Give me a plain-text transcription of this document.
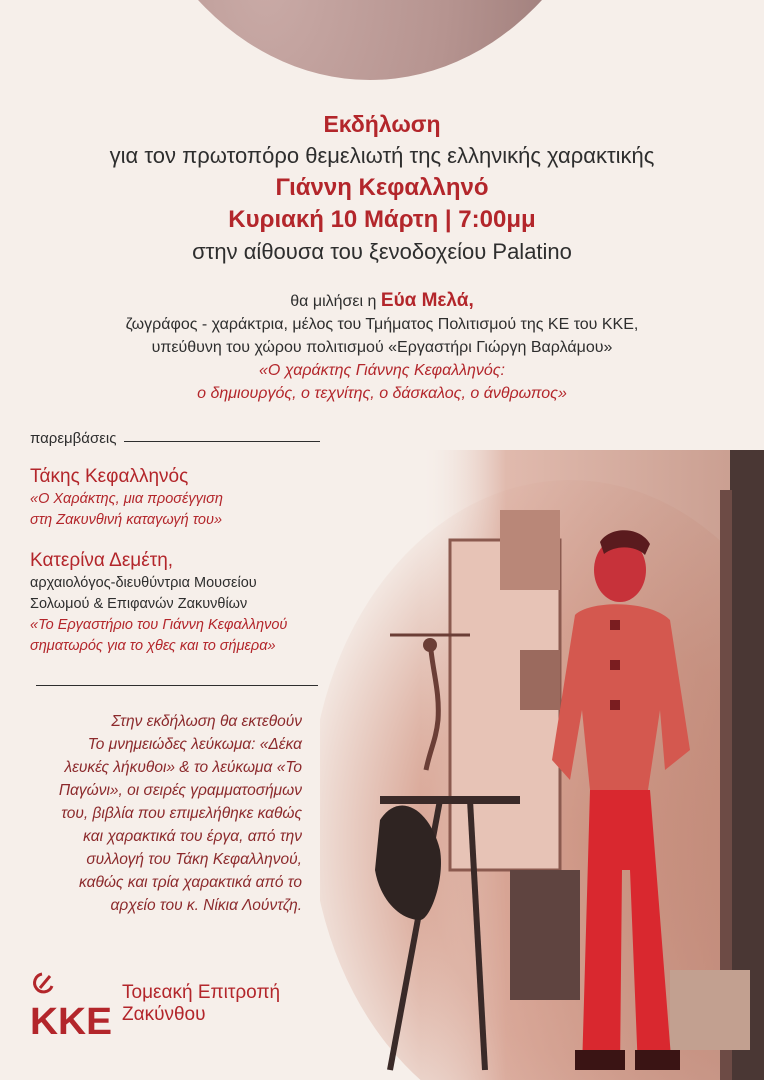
Εκδήλωση
για τον πρωτοπόρο θεμελιωτή της ελληνικής χαρακτικής
Γιάννη Κεφαλληνό
Κυριακή 10 Μάρτη | 7:00μμ
στην αίθουσα του ξενοδοχείου Palatino
θα μιλήσει η Εύα Μελά,
ζωγράφος - χαράκτρια, μέλος του Τμήματος Πολιτισμού της ΚΕ του ΚΚΕ,
υπεύθυνη του χώρου πολιτισμού «Εργαστήρι Γιώργη Βαρλάμου»
«Ο χαράκτης Γιάννης Κεφαλληνός:
ο δημιουργός, ο τεχνίτης, ο δάσκαλος, ο άνθρωπος»
παρεμβάσεις
Τάκης Κεφαλληνός
«Ο Χαράκτης, μια προσέγγιση
στη Ζακυνθινή καταγωγή του»
Κατερίνα Δεμέτη,
αρχαιολόγος-διευθύντρια Μουσείου
Σολωμού & Επιφανών Ζακυνθίων
«Το Εργαστήριο του Γιάννη Κεφαλληνού
σηματωρός για το χθες και το σήμερα»
Στην εκδήλωση θα εκτεθούν
Το μνημειώδες λεύκωμα: «Δέκα
λευκές λήκυθοι» & το λεύκωμα «Το
Παγώνι», οι σειρές γραμματοσήμων
του, βιβλία που επιμελήθηκε καθώς
και χαρακτικά του έργα, από την
συλλογή του Τάκη Κεφαλληνού,
καθώς και τρία χαρακτικά από το
αρχείο του κ. Νίκια Λούντζη.
ΚΚΕ
Τομεακή Επιτροπή
Ζακύνθου
